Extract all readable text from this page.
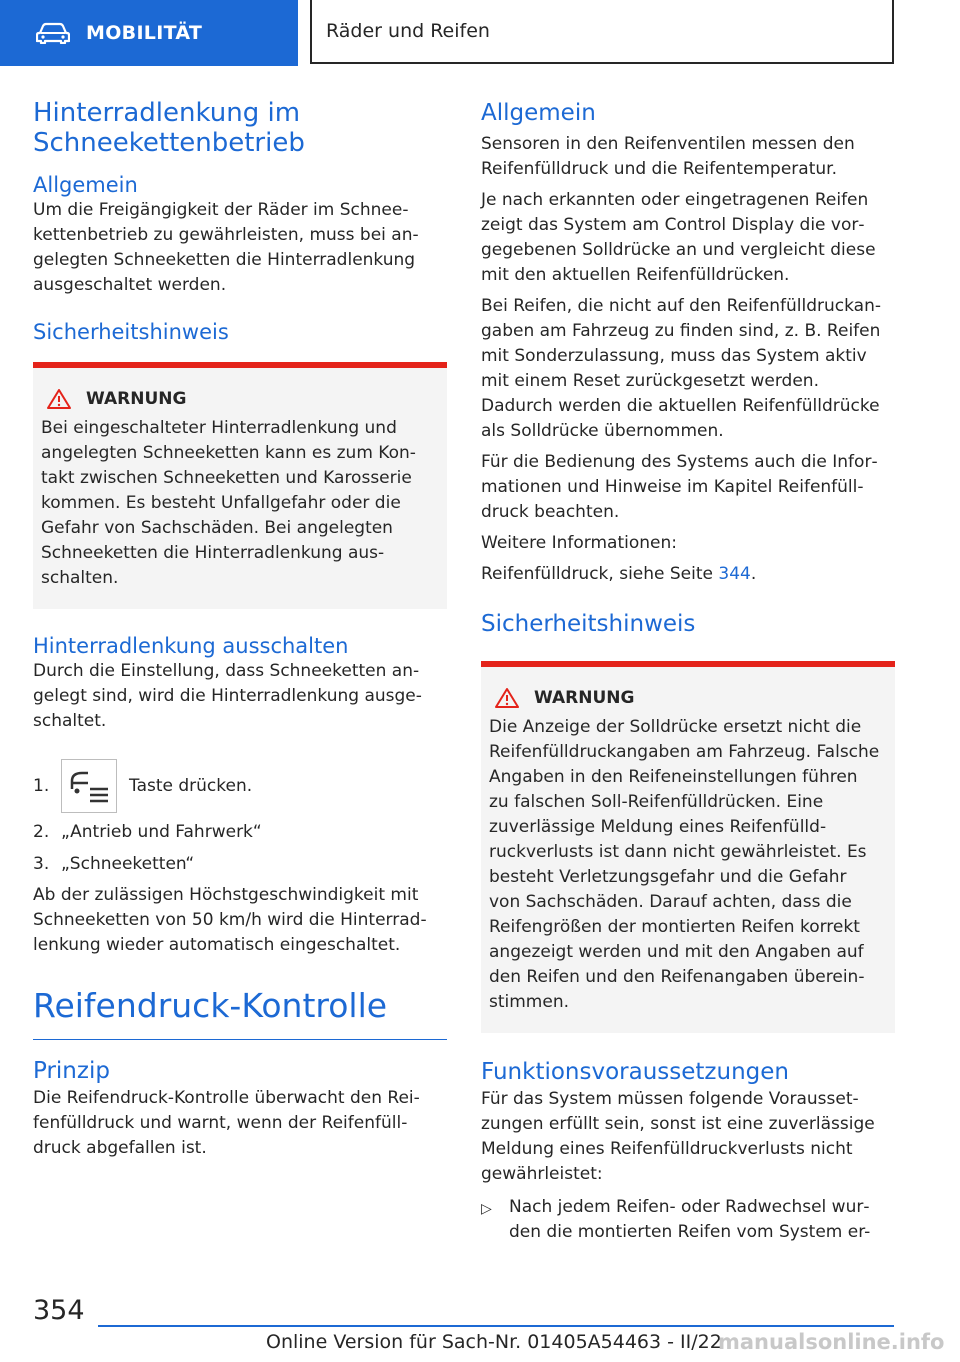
MOBILITÄT	Räder und Reifen
Hinterradlenkung im Schneekettenbetrieb
Allgemein

Um die Freigängigkeit der Räder im Schneekettenbetrieb zu gewährleisten, muss bei angelegten Schneeketten die Hinterradlenkung ausgeschaltet werden.

Sicherheitshinweis
WARNUNG

Bei eingeschalteter Hinterradlenkung und angelegten Schneeketten kann es zum Kontakt zwischen Schneeketten und Karosserie kommen. Es besteht Unfallgefahr oder die Gefahr von Sachschäden. Bei angelegten Schneeketten die Hinterradlenkung ausschalten.

Hinterradlenkung ausschalten

Durch die Einstellung, dass Schneeketten angelegt sind, wird die Hinterradlenkung ausgeschaltet.

1.	Taste drücken.
2. „Antrieb und Fahrwerk“
3. „Schneeketten“

Ab der zulässigen Höchstgeschwindigkeit mit Schneeketten von 50 km/h wird die Hinterradlenkung wieder automatisch eingeschaltet.

Reifendruck-Kontrolle
Prinzip

Die Reifendruck-Kontrolle überwacht den Reifenfülldruck und warnt, wenn der Reifenfülldruck abgefallen ist.

Allgemein

Sensoren in den Reifenventilen messen den Reifenfülldruck und die Reifentemperatur.

Je nach erkannten oder eingetragenen Reifen zeigt das System am Control Display die vorgegebenen Solldrücke an und vergleicht diese mit den aktuellen Reifenfülldrücken.

Bei Reifen, die nicht auf den Reifenfülldruckangaben am Fahrzeug zu finden sind, z. B. Reifen mit Sonderzulassung, muss das System aktiv mit einem Reset zurückgesetzt werden. Dadurch werden die aktuellen Reifenfülldrücke als Solldrücke übernommen.

Für die Bedienung des Systems auch die Informationen und Hinweise im Kapitel Reifenfülldruck beachten.

Weitere Informationen:

Reifenfülldruck, siehe Seite 344.

Sicherheitshinweis
WARNUNG

Die Anzeige der Solldrücke ersetzt nicht die Reifenfülldruckangaben am Fahrzeug. Falsche Angaben in den Reifeneinstellungen führen zu falschen Soll-Reifenfülldrücken. Eine zuverlässige Meldung eines Reifenfülldruckverlusts ist dann nicht gewährleistet. Es besteht Verletzungsgefahr und die Gefahr von Sachschäden. Darauf achten, dass die Reifengrößen der montierten Reifen korrekt angezeigt werden und mit den Angaben auf den Reifen und den Reifenangaben übereinstimmen.

Funktionsvoraussetzungen

Für das System müssen folgende Voraussetzungen erfüllt sein, sonst ist eine zuverlässige Meldung eines Reifenfülldruckverlusts nicht gewährleistet:

▷	Nach jedem Reifen- oder Radwechsel wurden die montierten Reifen vom System er-
354
Online Version für Sach-Nr. 01405A54463 - II/22
manualsonline.info
